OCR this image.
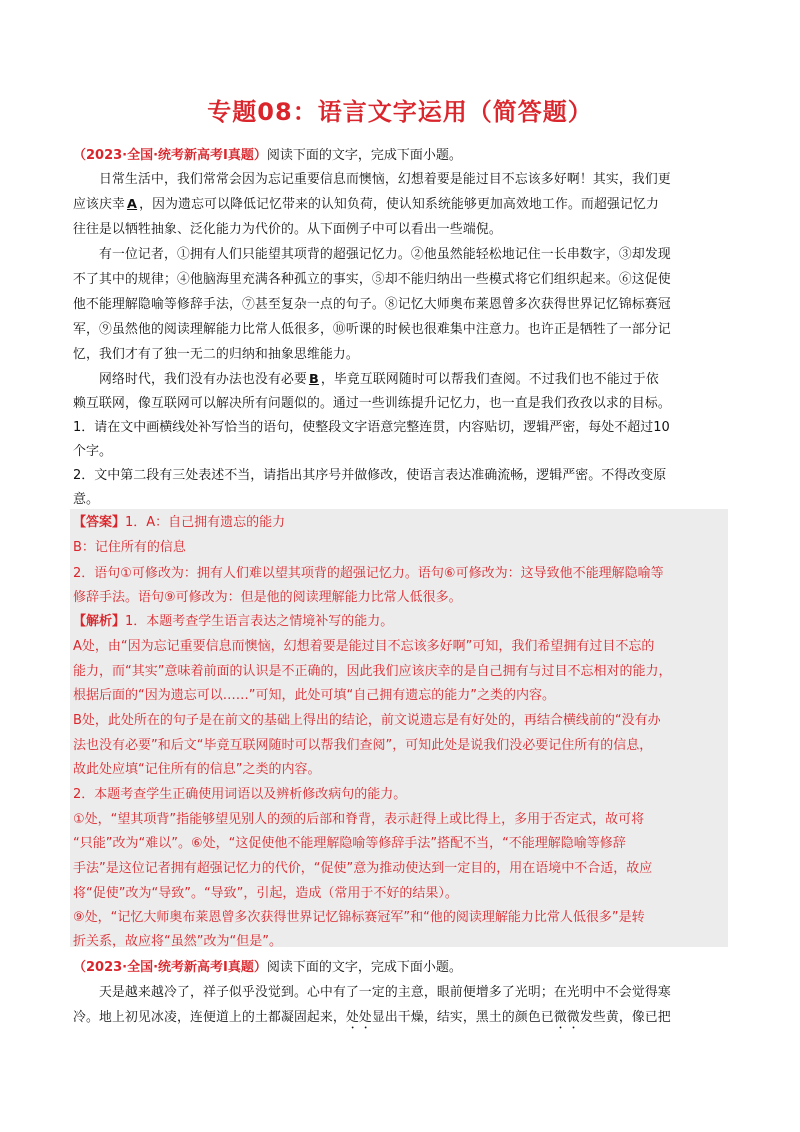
专题08：语言文字运用（简答题）
（2023·全国·统考新高考Ⅰ真题）阅读下面的文字，完成下面小题。
日常生活中，我们常常会因为忘记重要信息而懊恼，幻想着要是能过目不忘该多好啊！其实，我们更
应该庆幸 A ，因为遗忘可以降低记忆带来的认知负荷，使认知系统能够更加高效地工作。而超强记忆力
往往是以牺牲抽象、泛化能力为代价的。从下面例子中可以看出一些端倪。
有一位记者，①拥有人们只能望其项背的超强记忆力。②他虽然能轻松地记住一长串数字，③却发现
不了其中的规律；④他脑海里充满各种孤立的事实，⑤却不能归纳出一些模式将它们组织起来。⑥这促使
他不能理解隐喻等修辞手法，⑦甚至复杂一点的句子。⑧记忆大师奥布莱恩曾多次获得世界记忆锦标赛冠
军，⑨虽然他的阅读理解能力比常人低很多，⑩听课的时候也很难集中注意力。也许正是牺牲了一部分记
忆，我们才有了独一无二的归纳和抽象思维能力。
网络时代，我们没有办法也没有必要 B ，毕竟互联网随时可以帮我们查阅。不过我们也不能过于依
赖互联网，像互联网可以解决所有问题似的。通过一些训练提升记忆力，也一直是我们孜孜以求的目标。
1．请在文中画横线处补写恰当的语句，使整段文字语意完整连贯，内容贴切，逻辑严密，每处不超过10
个字。
2．文中第二段有三处表述不当，请指出其序号并做修改，使语言表达准确流畅，逻辑严密。不得改变原
意。
【答案】1．A：自己拥有遗忘的能力
B：记住所有的信息
2．语句①可修改为：拥有人们难以望其项背的超强记忆力。语句⑥可修改为：这导致他不能理解隐喻等
修辞手法。语句⑨可修改为：但是他的阅读理解能力比常人低很多。
【解析】1．本题考查学生语言表达之情境补写的能力。
A处，由“因为忘记重要信息而懊恼，幻想着要是能过目不忘该多好啊”可知，我们希望拥有过目不忘的
能力，而“其实”意味着前面的认识是不正确的，因此我们应该庆幸的是自己拥有与过目不忘相对的能力，
根据后面的“因为遗忘可以……”可知，此处可填“自己拥有遗忘的能力”之类的内容。
B处，此处所在的句子是在前文的基础上得出的结论，前文说遗忘是有好处的，再结合横线前的“没有办
法也没有必要”和后文“毕竟互联网随时可以帮我们查阅”，可知此处是说我们没必要记住所有的信息，
故此处应填“记住所有的信息”之类的内容。
2．本题考查学生正确使用词语以及辨析修改病句的能力。
①处，“望其项背”指能够望见别人的颈的后部和脊背，表示赶得上或比得上，多用于否定式，故可将
“只能”改为“难以”。⑥处，“这促使他不能理解隐喻等修辞手法”搭配不当，“不能理解隐喻等修辞
手法”是这位记者拥有超强记忆力的代价，“促使”意为推动使达到一定目的，用在语境中不合适，故应
将“促使”改为“导致”。“导致”，引起，造成（常用于不好的结果）。
⑨处，“记忆大师奥布莱恩曾多次获得世界记忆锦标赛冠军”和“他的阅读理解能力比常人低很多”是转
折关系，故应将“虽然”改为“但是”。
（2023·全国·统考新高考Ⅰ真题）阅读下面的文字，完成下面小题。
天是越来越冷了，祥子似乎没觉到。心中有了一定的主意，眼前便增多了光明；在光明中不会觉得寒
冷。地上初见冰凌，连便道上的土都凝固起来，处处显出干燥，结实，黑土的颜色已微微发些黄，像已把
